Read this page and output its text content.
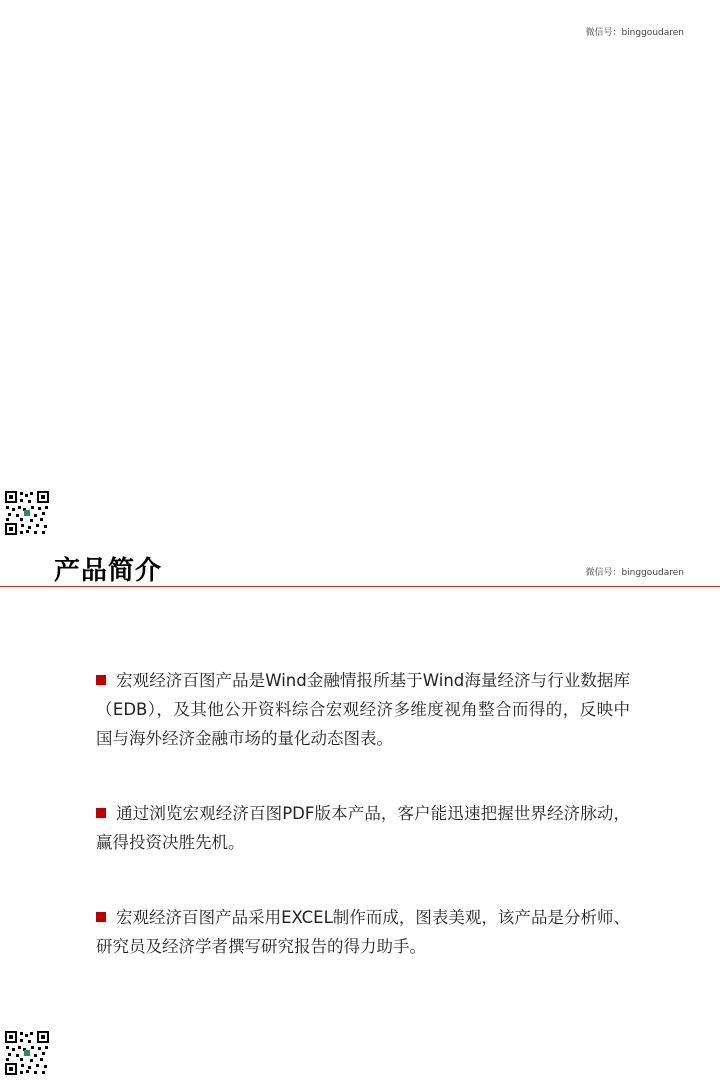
微信号：binggoudaren
产品简介	微信号：binggoudaren

宏观经济百图产品是Wind金融情报所基于Wind海量经济与行业数据库（EDB），及其他公开资料综合宏观经济多维度视角整合而得的，反映中国与海外经济金融市场的量化动态图表。

通过浏览宏观经济百图PDF版本产品，客户能迅速把握世界经济脉动，赢得投资决胜先机。

宏观经济百图产品采用EXCEL制作而成，图表美观，该产品是分析师、研究员及经济学者撰写研究报告的得力助手。
